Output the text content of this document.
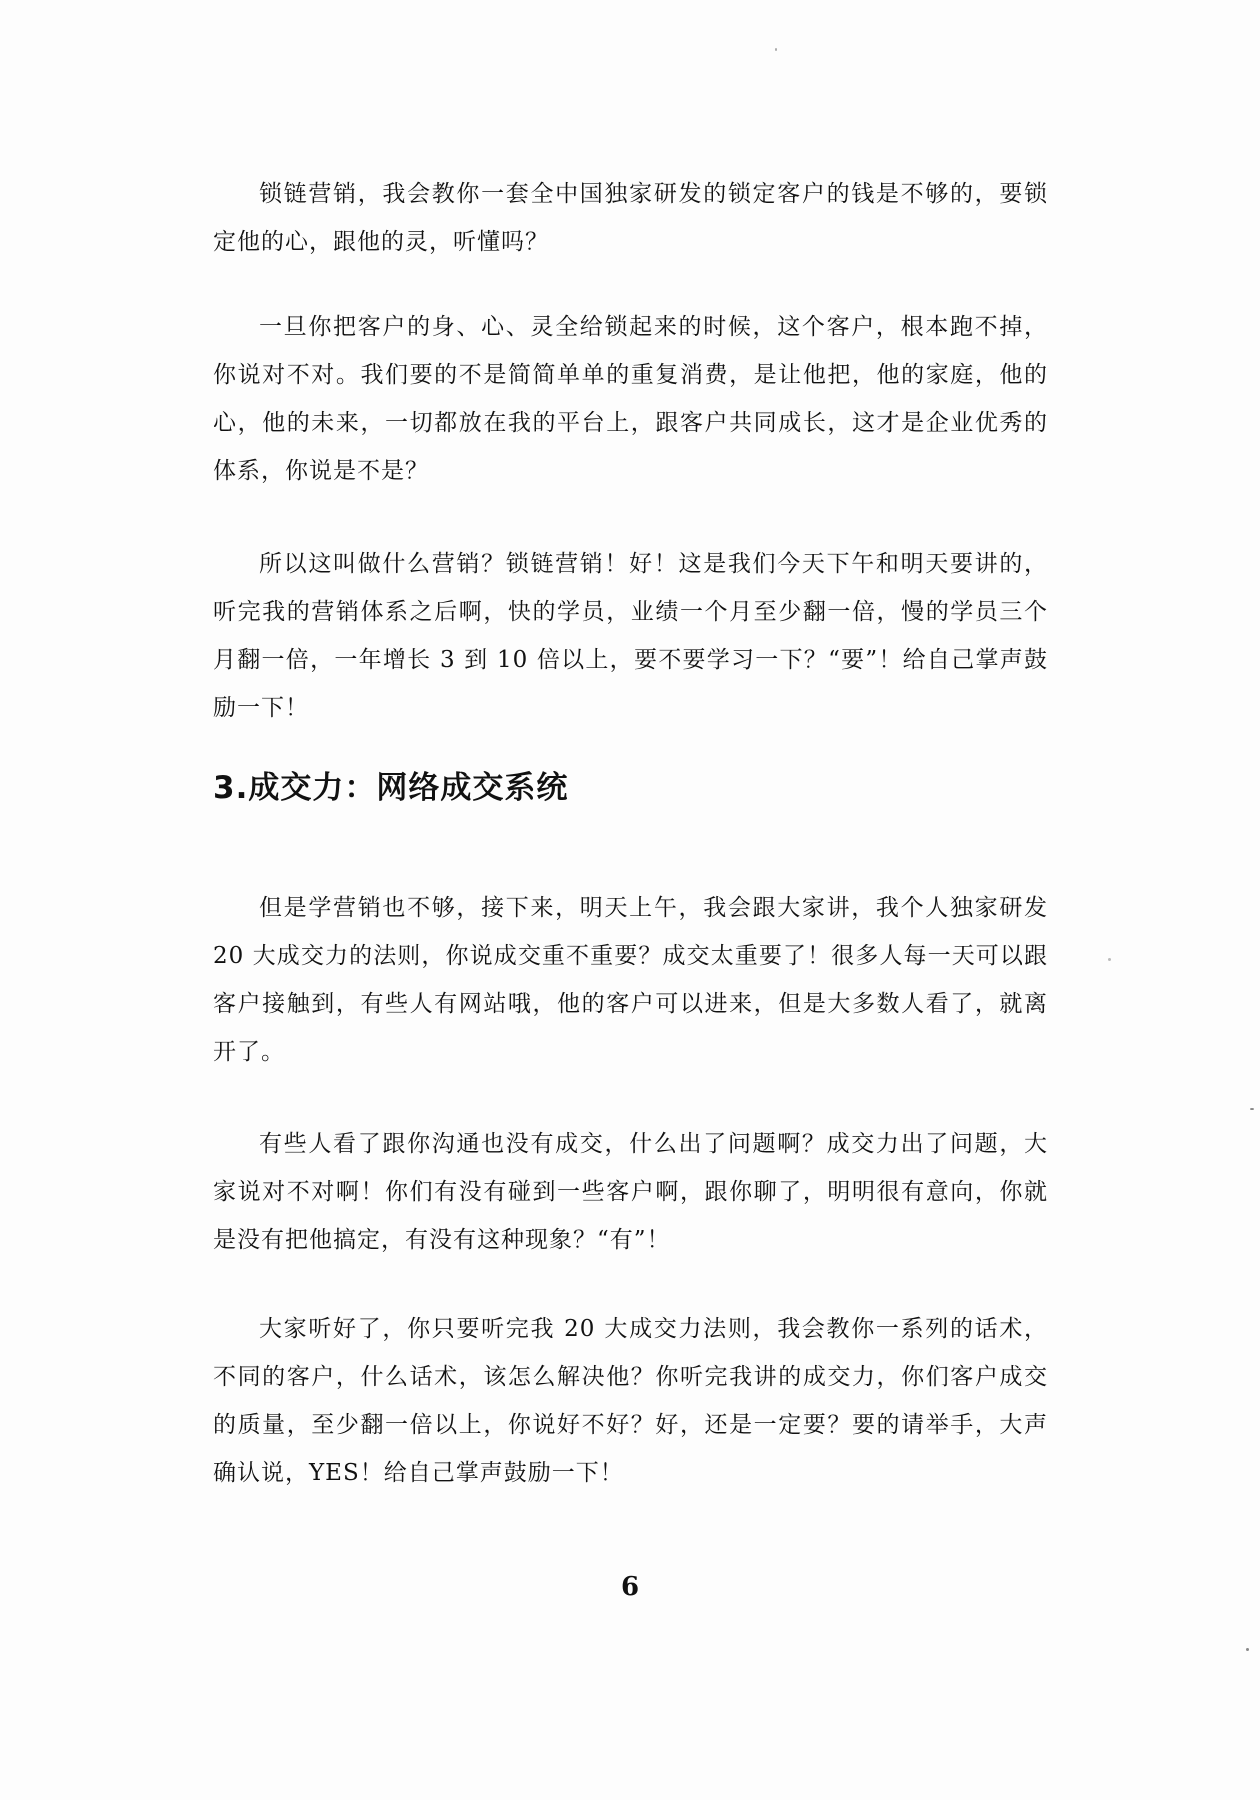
锁链营销，我会教你一套全中国独家研发的锁定客户的钱是不够的，要锁定他的心，跟他的灵，听懂吗？

一旦你把客户的身、心、灵全给锁起来的时候，这个客户，根本跑不掉，你说对不对。我们要的不是简简单单的重复消费，是让他把，他的家庭，他的心，他的未来，一切都放在我的平台上，跟客户共同成长，这才是企业优秀的体系，你说是不是？

所以这叫做什么营销？锁链营销！好！这是我们今天下午和明天要讲的，听完我的营销体系之后啊，快的学员，业绩一个月至少翻一倍，慢的学员三个月翻一倍，一年增长 3 到 10 倍以上，要不要学习一下？“要”！给自己掌声鼓励一下！

3.成交力：网络成交系统

但是学营销也不够，接下来，明天上午，我会跟大家讲，我个人独家研发 20 大成交力的法则，你说成交重不重要？成交太重要了！很多人每一天可以跟客户接触到，有些人有网站哦，他的客户可以进来，但是大多数人看了，就离开了。

有些人看了跟你沟通也没有成交，什么出了问题啊？成交力出了问题，大家说对不对啊！你们有没有碰到一些客户啊，跟你聊了，明明很有意向，你就是没有把他搞定，有没有这种现象？“有”！

大家听好了，你只要听完我 20 大成交力法则，我会教你一系列的话术，不同的客户，什么话术，该怎么解决他？你听完我讲的成交力，你们客户成交的质量，至少翻一倍以上，你说好不好？好，还是一定要？要的请举手，大声确认说，YES！给自己掌声鼓励一下！

6
